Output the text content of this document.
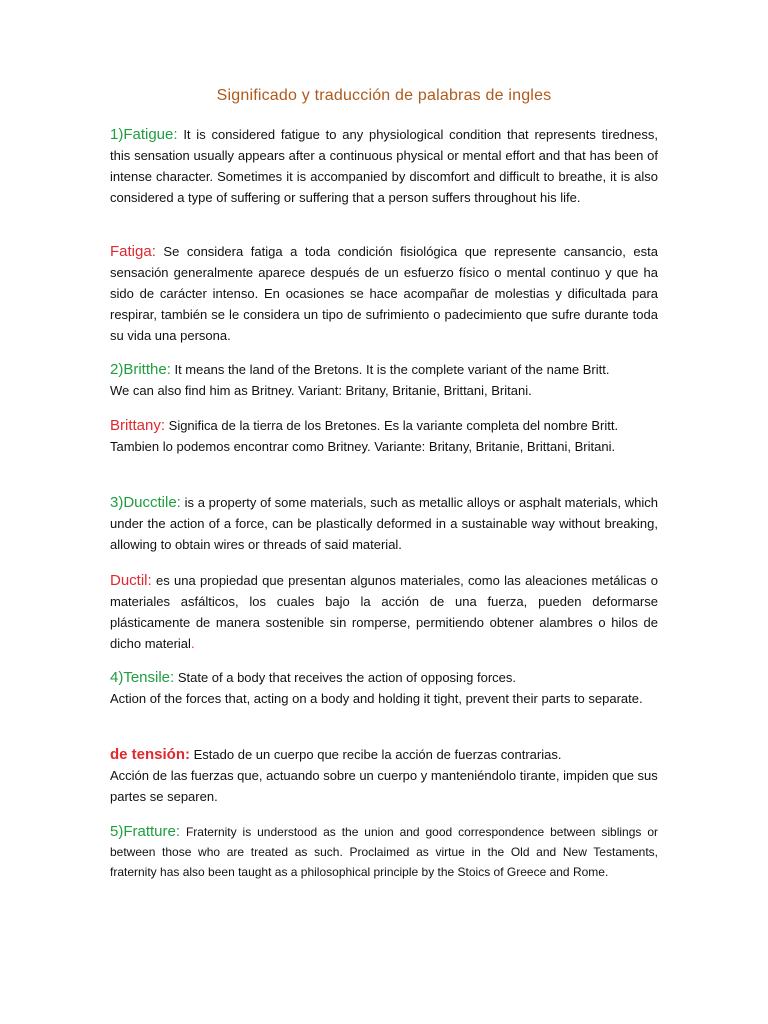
Significado y traducción de palabras de ingles
1)Fatigue: It is considered fatigue to any physiological condition that represents tiredness, this sensation usually appears after a continuous physical or mental effort and that has been of intense character. Sometimes it is accompanied by discomfort and difficult to breathe, it is also considered a type of suffering or suffering that a person suffers throughout his life.
Fatiga: Se considera fatiga a toda condición fisiológica que represente cansancio, esta sensación generalmente aparece después de un esfuerzo físico o mental continuo y que ha sido de carácter intenso. En ocasiones se hace acompañar de molestias y dificultada para respirar, también se le considera un tipo de sufrimiento o padecimiento que sufre durante toda su vida una persona.
2)Britthe: It means the land of the Bretons. It is the complete variant of the name Britt. We can also find him as Britney. Variant: Britany, Britanie, Brittani, Britani.
Brittany: Significa de la tierra de los Bretones. Es la variante completa del nombre Britt. Tambien lo podemos encontrar como Britney. Variante: Britany, Britanie, Brittani, Britani.
3)Ducctile: is a property of some materials, such as metallic alloys or asphalt materials, which under the action of a force, can be plastically deformed in a sustainable way without breaking, allowing to obtain wires or threads of said material.
Ductil: es una propiedad que presentan algunos materiales, como las aleaciones metálicas o materiales asfálticos, los cuales bajo la acción de una fuerza, pueden deformarse plásticamente de manera sostenible sin romperse, permitiendo obtener alambres o hilos de dicho material.
4)Tensile: State of a body that receives the action of opposing forces.
Action of the forces that, acting on a body and holding it tight, prevent their parts to separate.
de tensión: Estado de un cuerpo que recibe la acción de fuerzas contrarias.
Acción de las fuerzas que, actuando sobre un cuerpo y manteniéndolo tirante, impiden que sus partes se separen.
5)Fratture: Fraternity is understood as the union and good correspondence between siblings or between those who are treated as such. Proclaimed as virtue in the Old and New Testaments, fraternity has also been taught as a philosophical principle by the Stoics of Greece and Rome.
